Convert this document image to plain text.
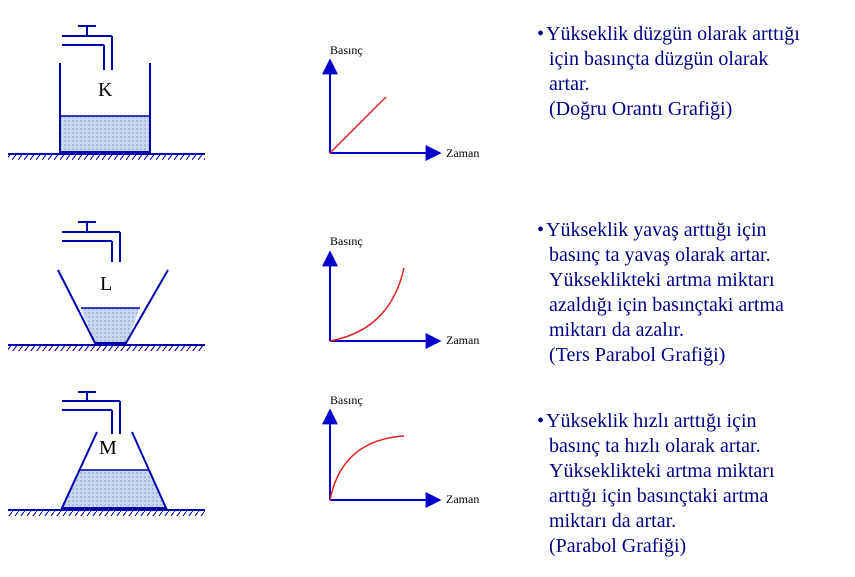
K
Basınç
Zaman
L
Basınç
Zaman
M
Basınç
Zaman
• Yükseklik düzgün olarak arttığı

için basınçta düzgün olarak

artar.

(Doğru Orantı Grafiği)

• Yükseklik yavaş arttığı için

basınç ta yavaş olarak artar.

Yükseklikteki artma miktarı

azaldığı için basınçtaki artma

miktarı da azalır.

(Ters Parabol Grafiği)

• Yükseklik hızlı arttığı için

basınç ta hızlı olarak artar.

Yükseklikteki artma miktarı

arttığı için basınçtaki artma

miktarı da artar.

(Parabol Grafiği)
